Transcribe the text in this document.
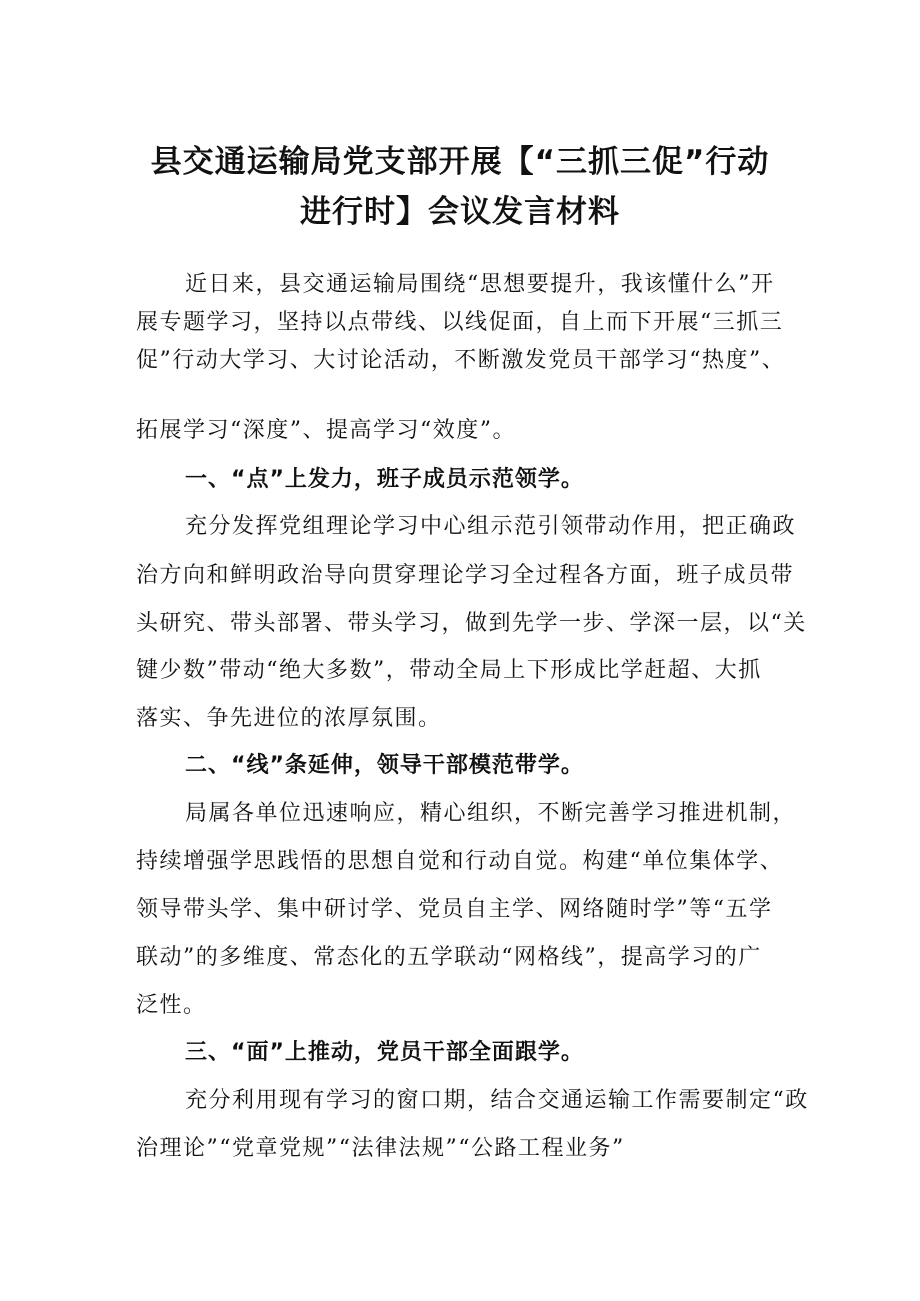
县交通运输局党支部开展【“三抓三促”行动
进行时】会议发言材料
近日来，县交通运输局围绕“思想要提升，我该懂什么”开
展专题学习，坚持以点带线、以线促面，自上而下开展“三抓三
促”行动大学习、大讨论活动，不断激发党员干部学习“热度”、
拓展学习“深度”、提高学习“效度”。
一、“点”上发力，班子成员示范领学。
充分发挥党组理论学习中心组示范引领带动作用，把正确政
治方向和鲜明政治导向贯穿理论学习全过程各方面，班子成员带
头研究、带头部署、带头学习，做到先学一步、学深一层，以“关
键少数”带动“绝大多数”，带动全局上下形成比学赶超、大抓
落实、争先进位的浓厚氛围。
二、“线”条延伸，领导干部模范带学。
局属各单位迅速响应，精心组织，不断完善学习推进机制，
持续增强学思践悟的思想自觉和行动自觉。构建“单位集体学、
领导带头学、集中研讨学、党员自主学、网络随时学”等“五学
联动”的多维度、常态化的五学联动“网格线”，提高学习的广
泛性。
三、“面”上推动，党员干部全面跟学。
充分利用现有学习的窗口期，结合交通运输工作需要制定“政
治理论”“党章党规”“法律法规”“公路工程业务”
